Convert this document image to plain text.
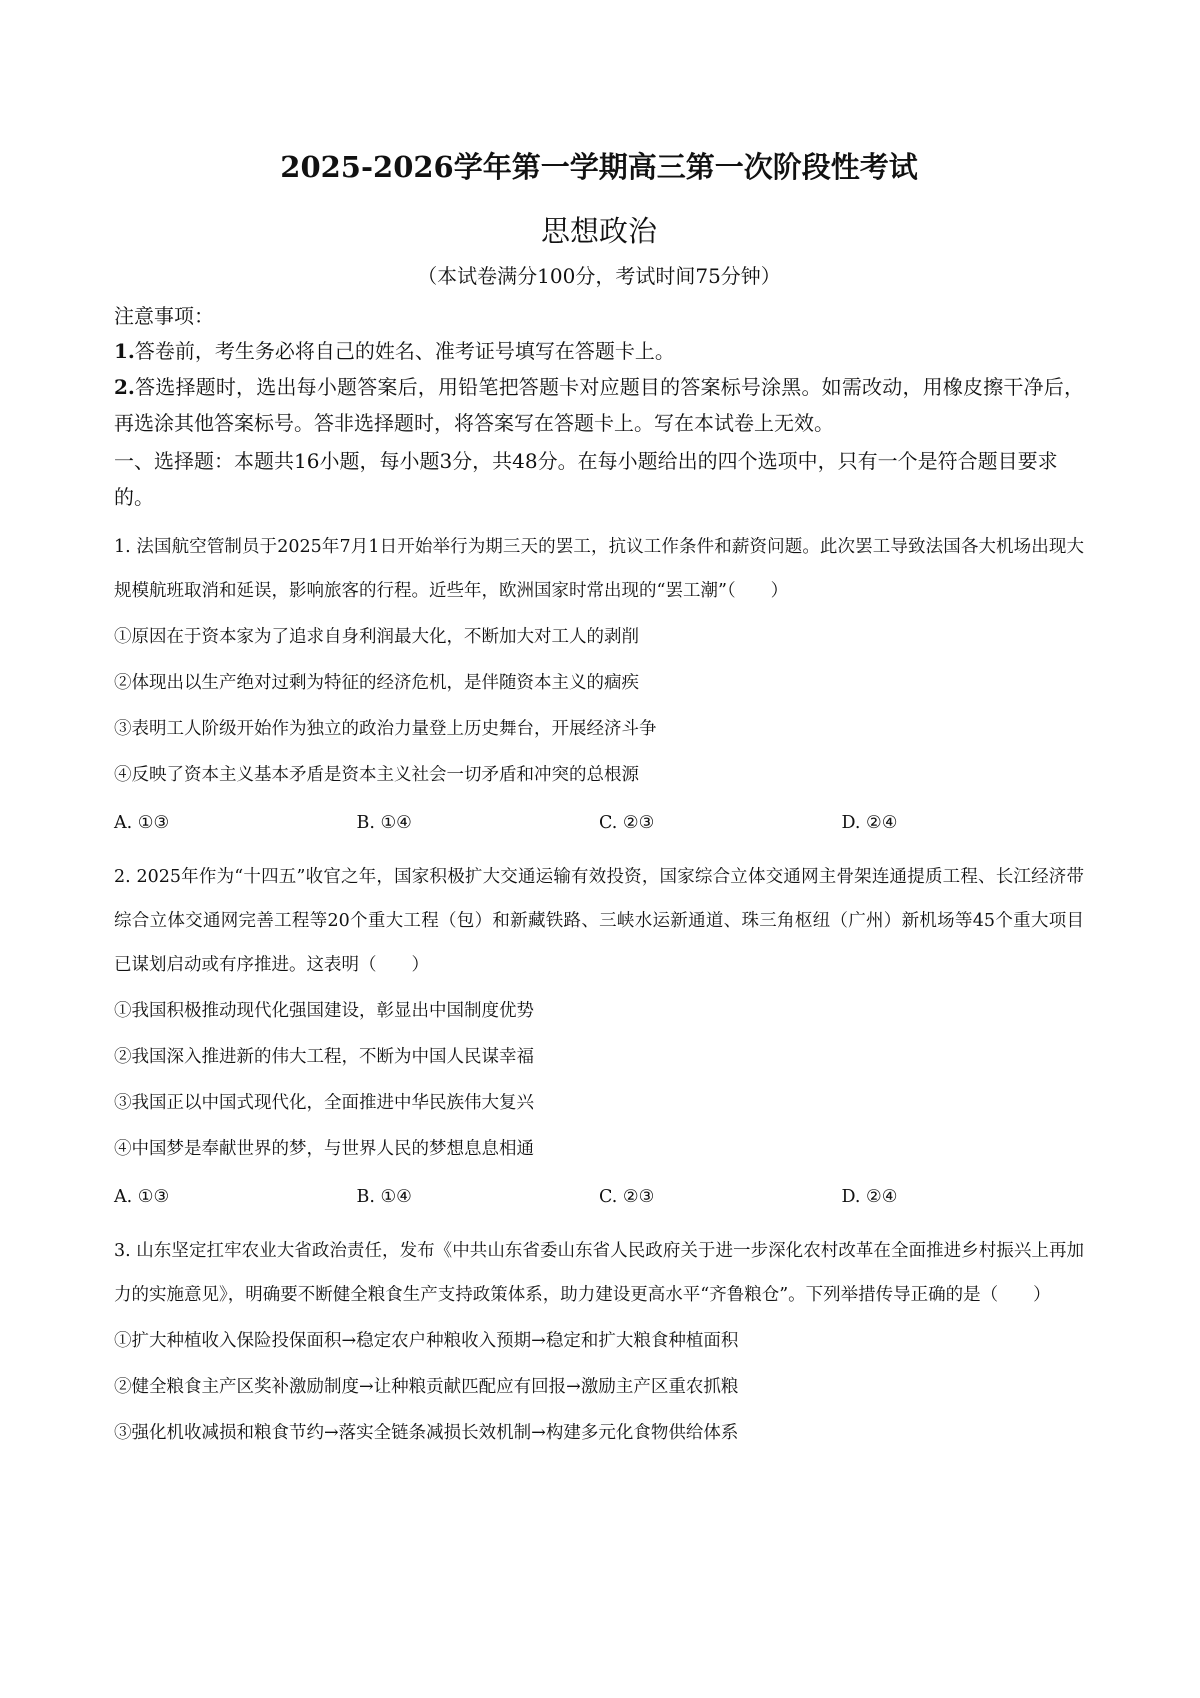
2025-2026学年第一学期高三第一次阶段性考试
思想政治
（本试卷满分100分，考试时间75分钟）
注意事项：
1.答卷前，考生务必将自己的姓名、准考证号填写在答题卡上。
2.答选择题时，选出每小题答案后，用铅笔把答题卡对应题目的答案标号涂黑。如需改动，用橡皮擦干净后，再选涂其他答案标号。答非选择题时，将答案写在答题卡上。写在本试卷上无效。
一、选择题：本题共16小题，每小题3分，共48分。在每小题给出的四个选项中，只有一个是符合题目要求的。
1. 法国航空管制员于2025年7月1日开始举行为期三天的罢工，抗议工作条件和薪资问题。此次罢工导致法国各大机场出现大规模航班取消和延误，影响旅客的行程。近些年，欧洲国家时常出现的“罢工潮”（　　）
①原因在于资本家为了追求自身利润最大化，不断加大对工人的剥削
②体现出以生产绝对过剩为特征的经济危机，是伴随资本主义的痼疾
③表明工人阶级开始作为独立的政治力量登上历史舞台，开展经济斗争
④反映了资本主义基本矛盾是资本主义社会一切矛盾和冲突的总根源
A. ①③	B. ①④	C. ②③	D. ②④
2. 2025年作为“十四五”收官之年，国家积极扩大交通运输有效投资，国家综合立体交通网主骨架连通提质工程、长江经济带综合立体交通网完善工程等20个重大工程（包）和新藏铁路、三峡水运新通道、珠三角枢纽（广州）新机场等45个重大项目已谋划启动或有序推进。这表明（　　）
①我国积极推动现代化强国建设，彰显出中国制度优势
②我国深入推进新的伟大工程，不断为中国人民谋幸福
③我国正以中国式现代化，全面推进中华民族伟大复兴
④中国梦是奉献世界的梦，与世界人民的梦想息息相通
A. ①③	B. ①④	C. ②③	D. ②④
3. 山东坚定扛牢农业大省政治责任，发布《中共山东省委山东省人民政府关于进一步深化农村改革在全面推进乡村振兴上再加力的实施意见》，明确要不断健全粮食生产支持政策体系，助力建设更高水平“齐鲁粮仓”。下列举措传导正确的是（　　）
①扩大种植收入保险投保面积→稳定农户种粮收入预期→稳定和扩大粮食种植面积
②健全粮食主产区奖补激励制度→让种粮贡献匹配应有回报→激励主产区重农抓粮
③强化机收减损和粮食节约→落实全链条减损长效机制→构建多元化食物供给体系
